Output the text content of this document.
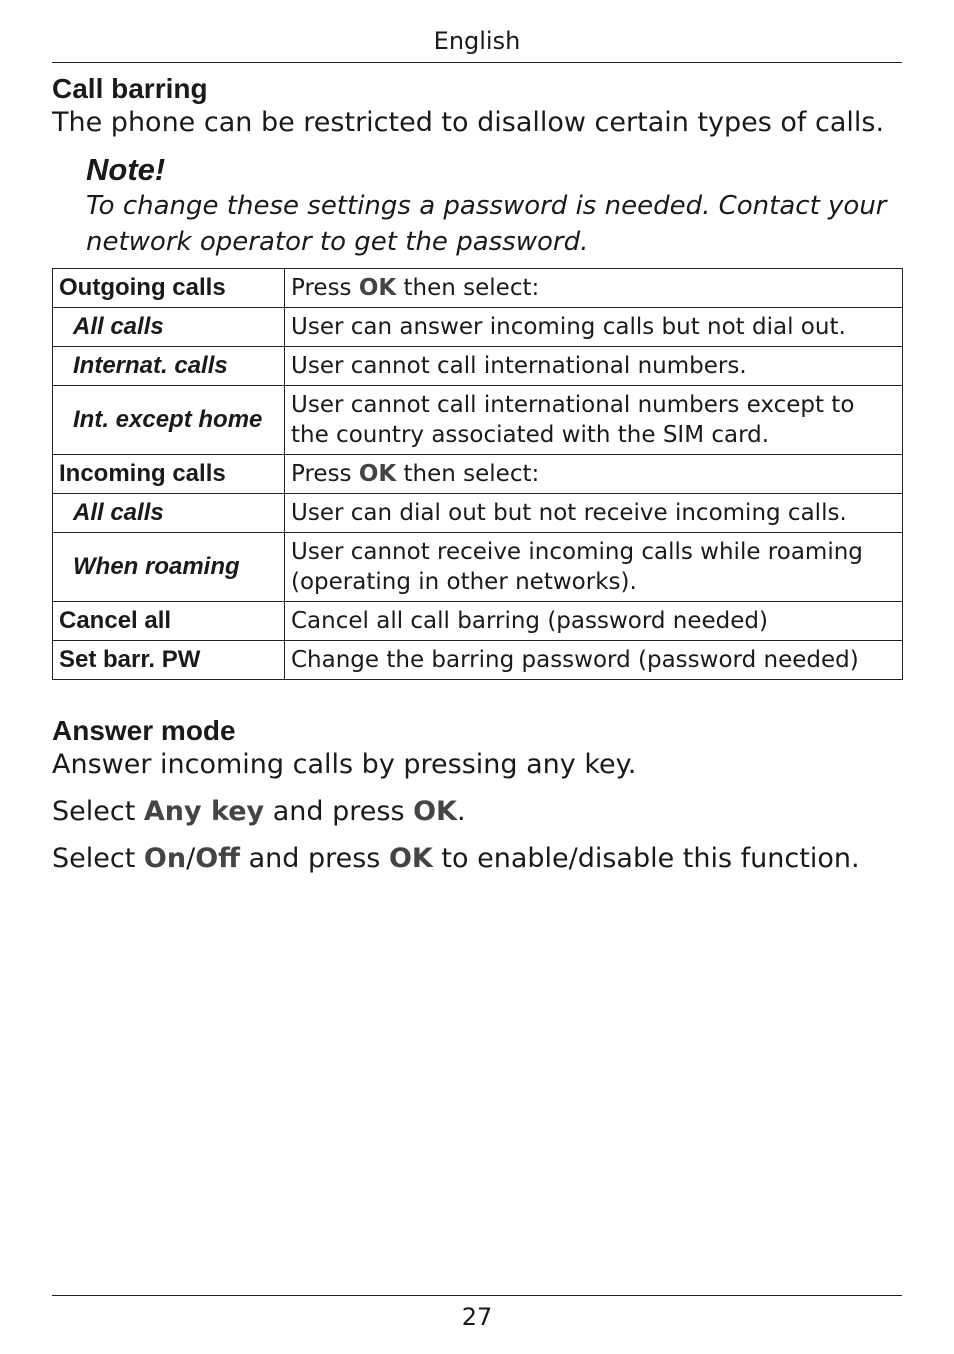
English
Call barring

The phone can be restricted to disallow certain types of calls.

Note!
To change these settings a password is needed. Contact your network operator to get the password.
Outgoing calls	Press OK then select:
All calls	User can answer incoming calls but not dial out.
Internat. calls	User cannot call international numbers.
Int. except home	User cannot call international numbers except to the country associated with the SIM card.
Incoming calls	Press OK then select:
All calls	User can dial out but not receive incoming calls.
When roaming	User cannot receive incoming calls while roaming (operating in other networks).
Cancel all	Cancel all call barring (password needed)
Set barr. PW	Change the barring password (password needed)
Answer mode

Answer incoming calls by pressing any key.

Select Any key and press OK.

Select On/Off and press OK to enable/disable this function.

27
